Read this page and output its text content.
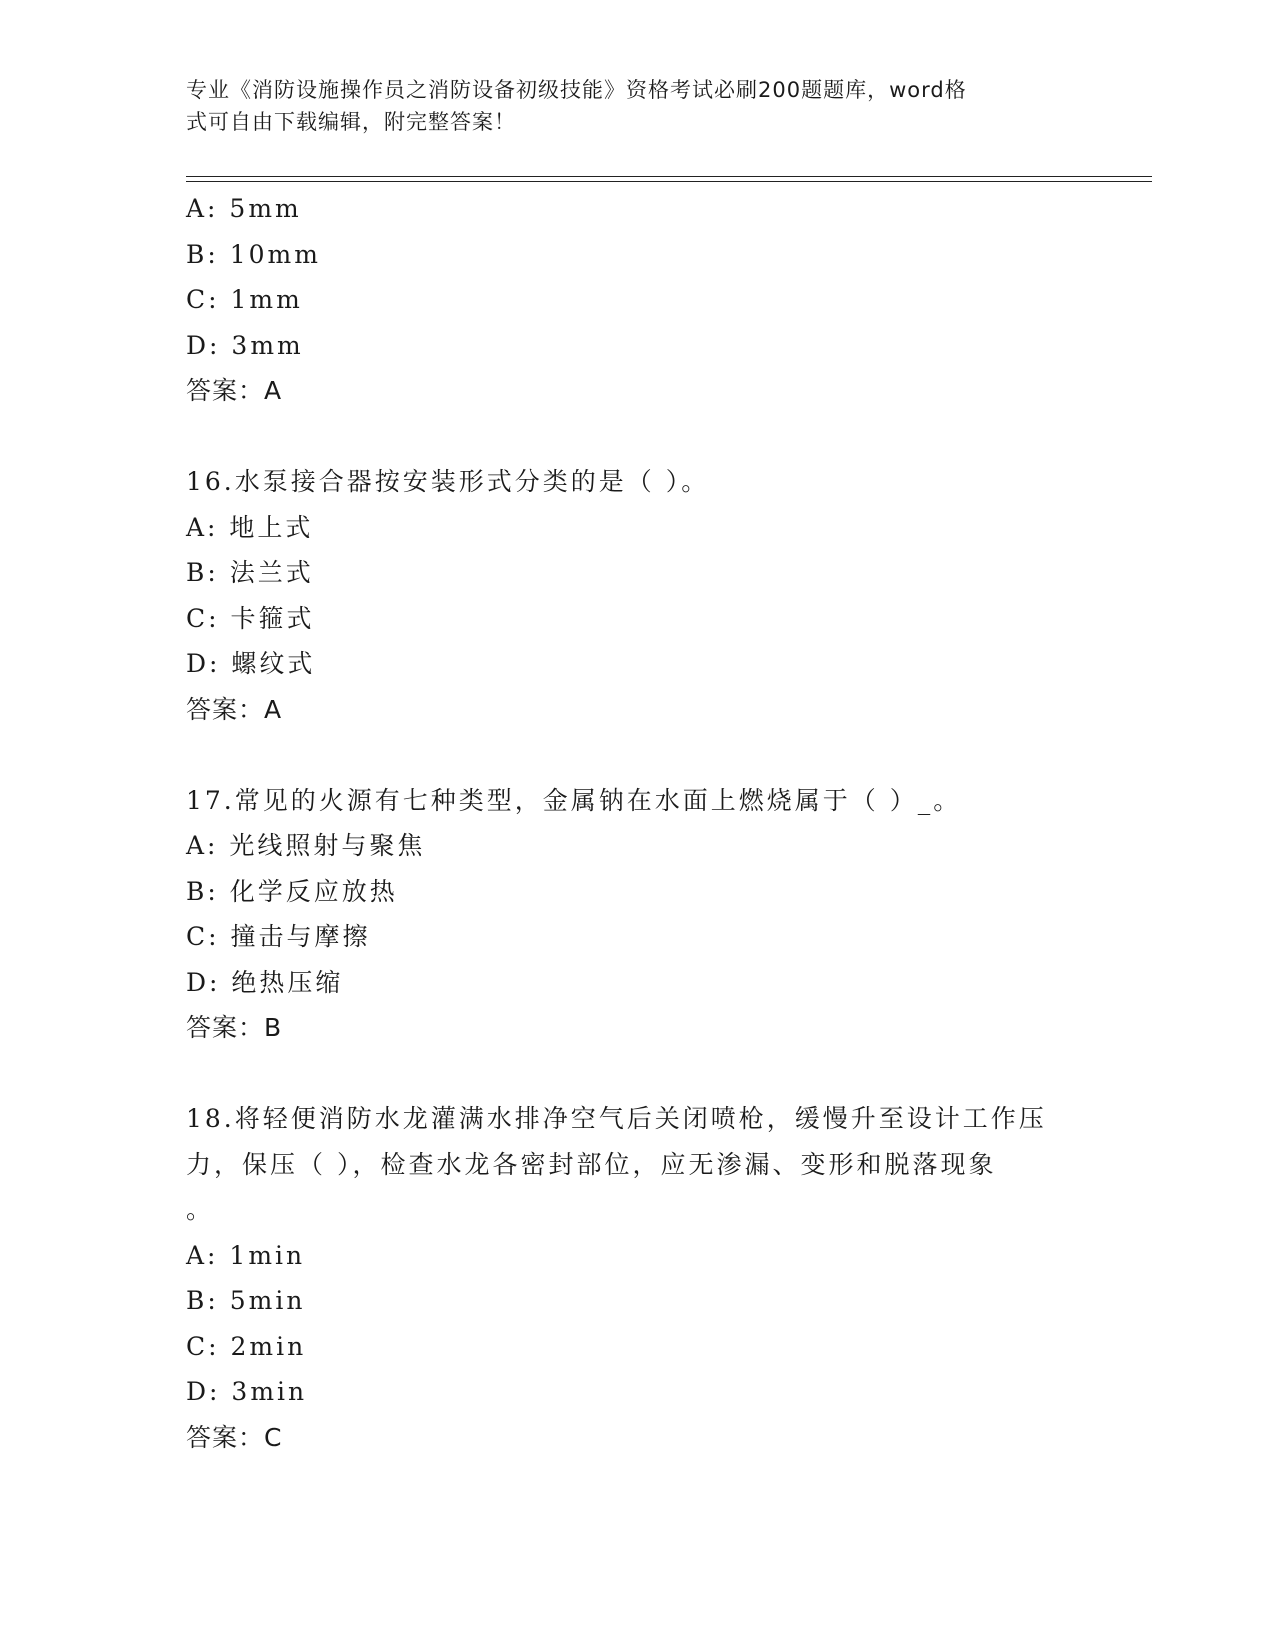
专业《消防设施操作员之消防设备初级技能》资格考试必刷200题题库，word格
式可自由下载编辑，附完整答案！
A: 5mm
B: 10mm
C: 1mm
D: 3mm
答案：A
16.水泵接合器按安装形式分类的是（ ）。
A: 地上式
B: 法兰式
C: 卡箍式
D: 螺纹式
答案：A
17.常见的火源有七种类型，金属钠在水面上燃烧属于（ ）_。
A: 光线照射与聚焦
B: 化学反应放热
C: 撞击与摩擦
D: 绝热压缩
答案：B
18.将轻便消防水龙灌满水排净空气后关闭喷枪，缓慢升至设计工作压
力，保压（ ），检查水龙各密封部位，应无渗漏、变形和脱落现象
。
A: 1min
B: 5min
C: 2min
D: 3min
答案：C
